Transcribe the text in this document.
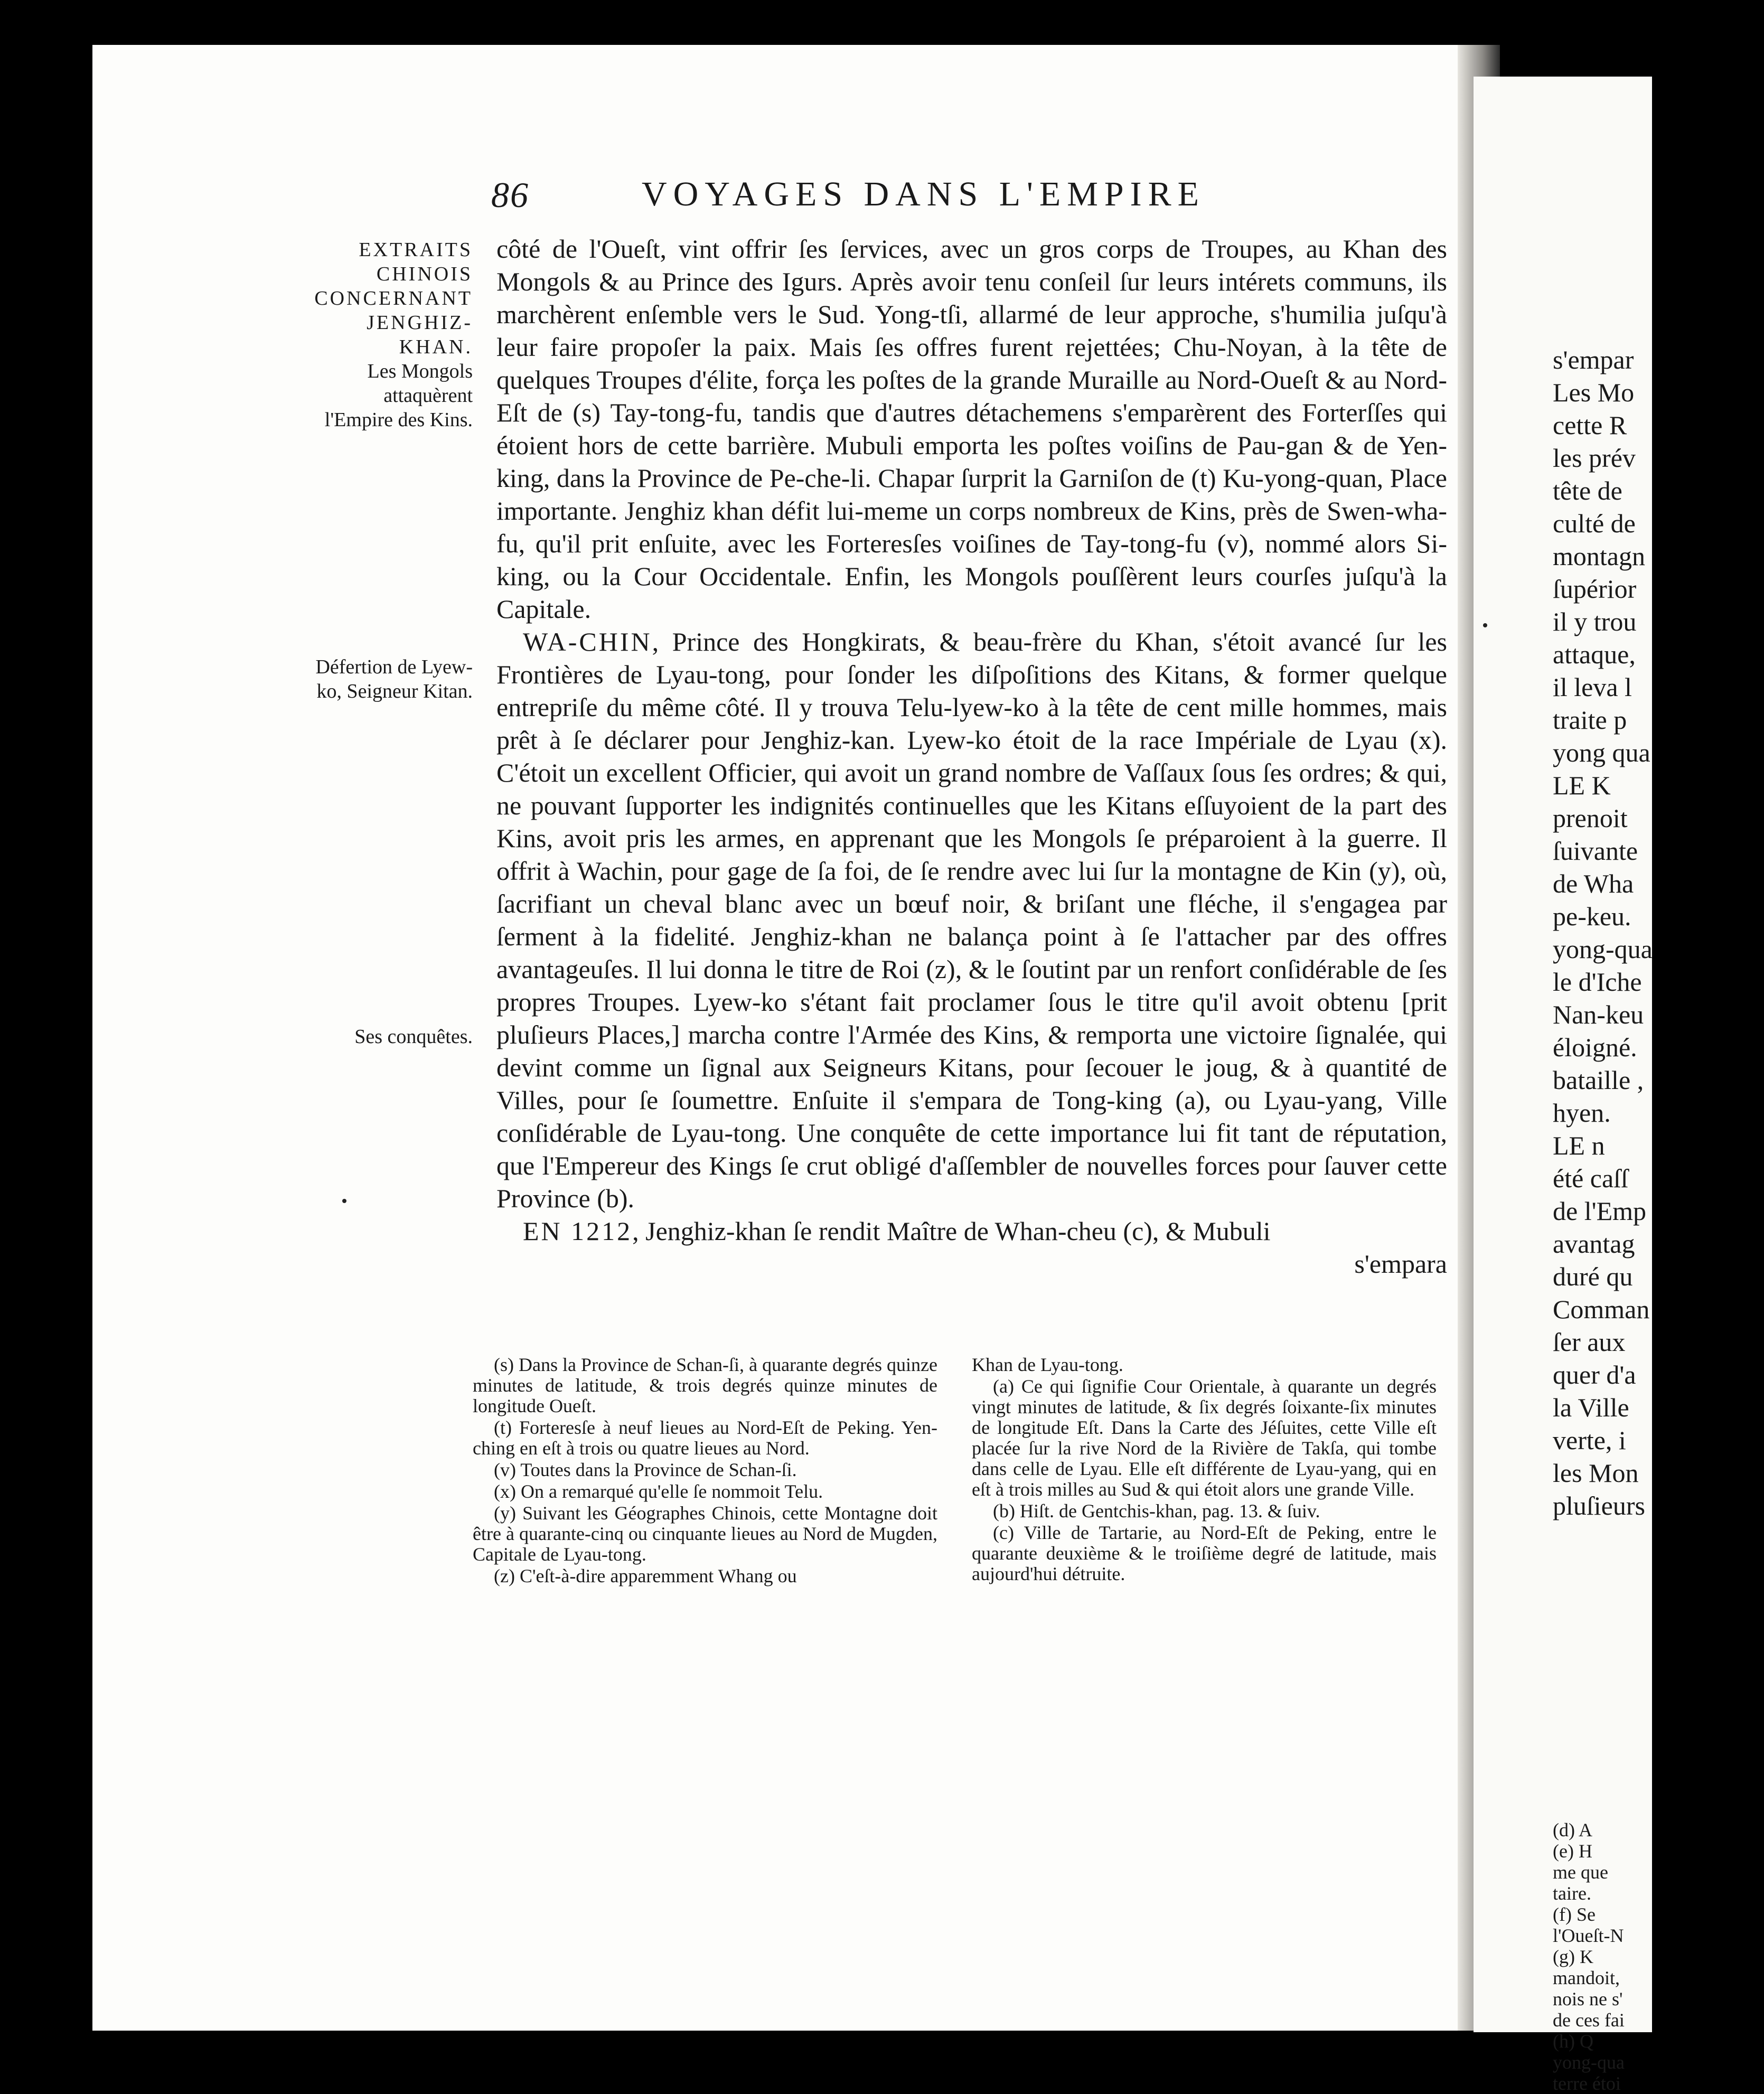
s'empar
Les Mo
cette R
les prév
tête de
culté de
montagn
ſupérior
il y trou
attaque,
il leva l
traite p
yong qua
LE K
prenoit
ſuivante
de Wha
pe-keu.
yong-qua
le d'Iche
Nan-keu
éloigné.
bataille ,
hyen.
LE n
été caſſ
de l'Emp
avantag
duré qu
Comman
ſer aux
quer d'a
la Ville
verte, i
les Mon
pluſieurs
(d) A
(e) H
me que
taire.
(f) Se
l'Oueſt-N
(g) K
mandoit,
nois ne s'
de ces fai
(h) Q
yong-qua
terre étoi
86	VOYAGES DANS L'EMPIRE
EXTRAITS CHINOIS CONCERNANT JENGHIZ-KHAN.
Les Mongols attaquèrent l'Empire des Kins.
Défertion de Lyew-ko, Seigneur Kitan.
Ses conquêtes.

côté de l'Oueſt, vint offrir ſes ſervices, avec un gros corps de Troupes, au Khan des Mongols & au Prince des Igurs. Après avoir tenu conſeil ſur leurs intérets communs, ils marchèrent enſemble vers le Sud. Yong-tſi, allarmé de leur approche, s'humilia juſqu'à leur faire propoſer la paix. Mais ſes offres furent rejettées; Chu-Noyan, à la tête de quelques Troupes d'élite, força les poſtes de la grande Muraille au Nord-Oueſt & au Nord-Eſt de (s) Tay-tong-fu, tandis que d'autres détachemens s'emparèrent des Forterſſes qui étoient hors de cette barrière. Mubuli emporta les poſtes voiſins de Pau-gan & de Yen-king, dans la Province de Pe-che-li. Chapar ſurprit la Garniſon de (t) Ku-yong-quan, Place importante. Jenghiz khan défit lui-meme un corps nombreux de Kins, près de Swen-wha-fu, qu'il prit enſuite, avec les Forteresſes voiſines de Tay-tong-fu (v), nommé alors Si-king, ou la Cour Occidentale. Enfin, les Mongols pouſſèrent leurs courſes juſqu'à la Capitale.

WA-CHIN, Prince des Hongkirats, & beau-frère du Khan, s'étoit avancé ſur les Frontières de Lyau-tong, pour ſonder les diſpoſitions des Kitans, & former quelque entrepriſe du même côté. Il y trouva Telu-lyew-ko à la tête de cent mille hommes, mais prêt à ſe déclarer pour Jenghiz-kan. Lyew-ko étoit de la race Impériale de Lyau (x). C'étoit un excellent Officier, qui avoit un grand nombre de Vaſſaux ſous ſes ordres; & qui, ne pouvant ſupporter les indignités continuelles que les Kitans eſſuyoient de la part des Kins, avoit pris les armes, en apprenant que les Mongols ſe préparoient à la guerre. Il offrit à Wachin, pour gage de ſa foi, de ſe rendre avec lui ſur la montagne de Kin (y), où, ſacrifiant un cheval blanc avec un bœuf noir, & briſant une fléche, il s'engagea par ſerment à la fidelité. Jenghiz-khan ne balança point à ſe l'attacher par des offres avantageuſes. Il lui donna le titre de Roi (z), & le ſoutint par un renfort conſidérable de ſes propres Troupes. Lyew-ko s'étant fait proclamer ſous le titre qu'il avoit obtenu [prit pluſieurs Places,] marcha contre l'Armée des Kins, & remporta une victoire ſignalée, qui devint comme un ſignal aux Seigneurs Kitans, pour ſecouer le joug, & à quantité de Villes, pour ſe ſoumettre. Enſuite il s'empara de Tong-king (a), ou Lyau-yang, Ville conſidérable de Lyau-tong. Une conquête de cette importance lui fit tant de réputation, que l'Empereur des Kings ſe crut obligé d'aſſembler de nouvelles forces pour ſauver cette Province (b).

EN 1212, Jenghiz-khan ſe rendit Maître de Whan-cheu (c), & Mubuli
s'empara

(s) Dans la Province de Schan-ſi, à quarante degrés quinze minutes de latitude, & trois degrés quinze minutes de longitude Oueſt.

(t) Forteresſe à neuf lieues au Nord-Eſt de Peking. Yen-ching en eſt à trois ou quatre lieues au Nord.

(v) Toutes dans la Province de Schan-ſi.

(x) On a remarqué qu'elle ſe nommoit Telu.

(y) Suivant les Géographes Chinois, cette Montagne doit être à quarante-cinq ou cinquante lieues au Nord de Mugden, Capitale de Lyau-tong.

(z) C'eſt-à-dire apparemment Whang ou

Khan de Lyau-tong.

(a) Ce qui ſignifie Cour Orientale, à quarante un degrés vingt minutes de latitude, & ſix degrés ſoixante-ſix minutes de longitude Eſt. Dans la Carte des Jéſuites, cette Ville eſt placée ſur la rive Nord de la Rivière de Takſa, qui tombe dans celle de Lyau. Elle eſt différente de Lyau-yang, qui en eſt à trois milles au Sud & qui étoit alors une grande Ville.

(b) Hiſt. de Gentchis-khan, pag. 13. & ſuiv.

(c) Ville de Tartarie, au Nord-Eſt de Peking, entre le quarante deuxième & le troiſième degré de latitude, mais aujourd'hui détruite.
